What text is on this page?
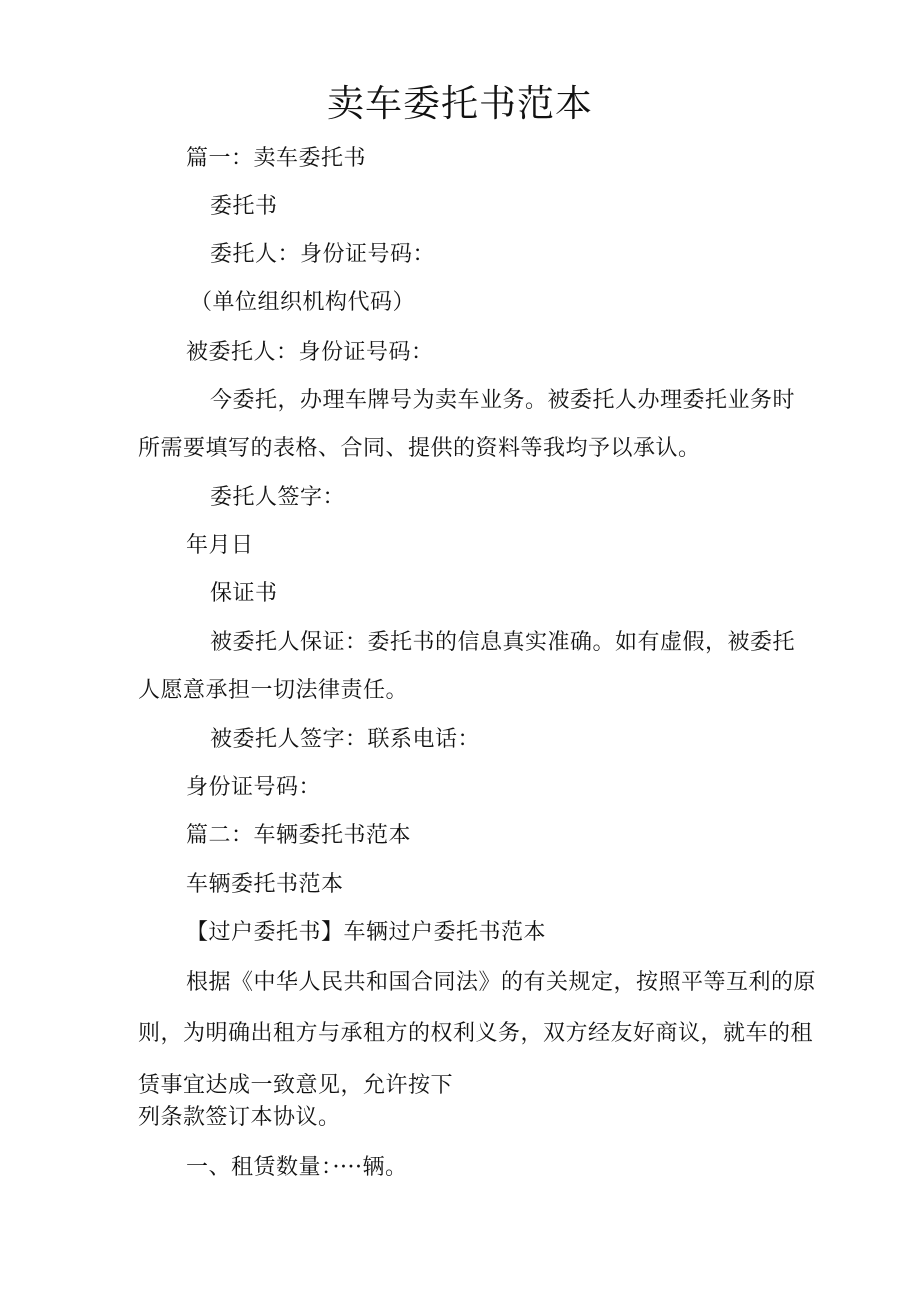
卖车委托书范本
篇一：卖车委托书
委托书
委托人：身份证号码：
（单位组织机构代码）
被委托人：身份证号码：
今委托，办理车牌号为卖车业务。被委托人办理委托业务时
所需要填写的表格、合同、提供的资料等我均予以承认。
委托人签字：
年月日
保证书
被委托人保证：委托书的信息真实准确。如有虚假，被委托
人愿意承担一切法律责任。
被委托人签字：联系电话：
身份证号码：
篇二：车辆委托书范本
车辆委托书范本
【过户委托书】车辆过户委托书范本
根据《中华人民共和国合同法》的有关规定，按照平等互利的原
则，为明确出租方与承租方的权利义务，双方经友好商议，就车的租
赁事宜达成一致意见，允许按下
列条款签订本协议。
一、租赁数量：····辆。
